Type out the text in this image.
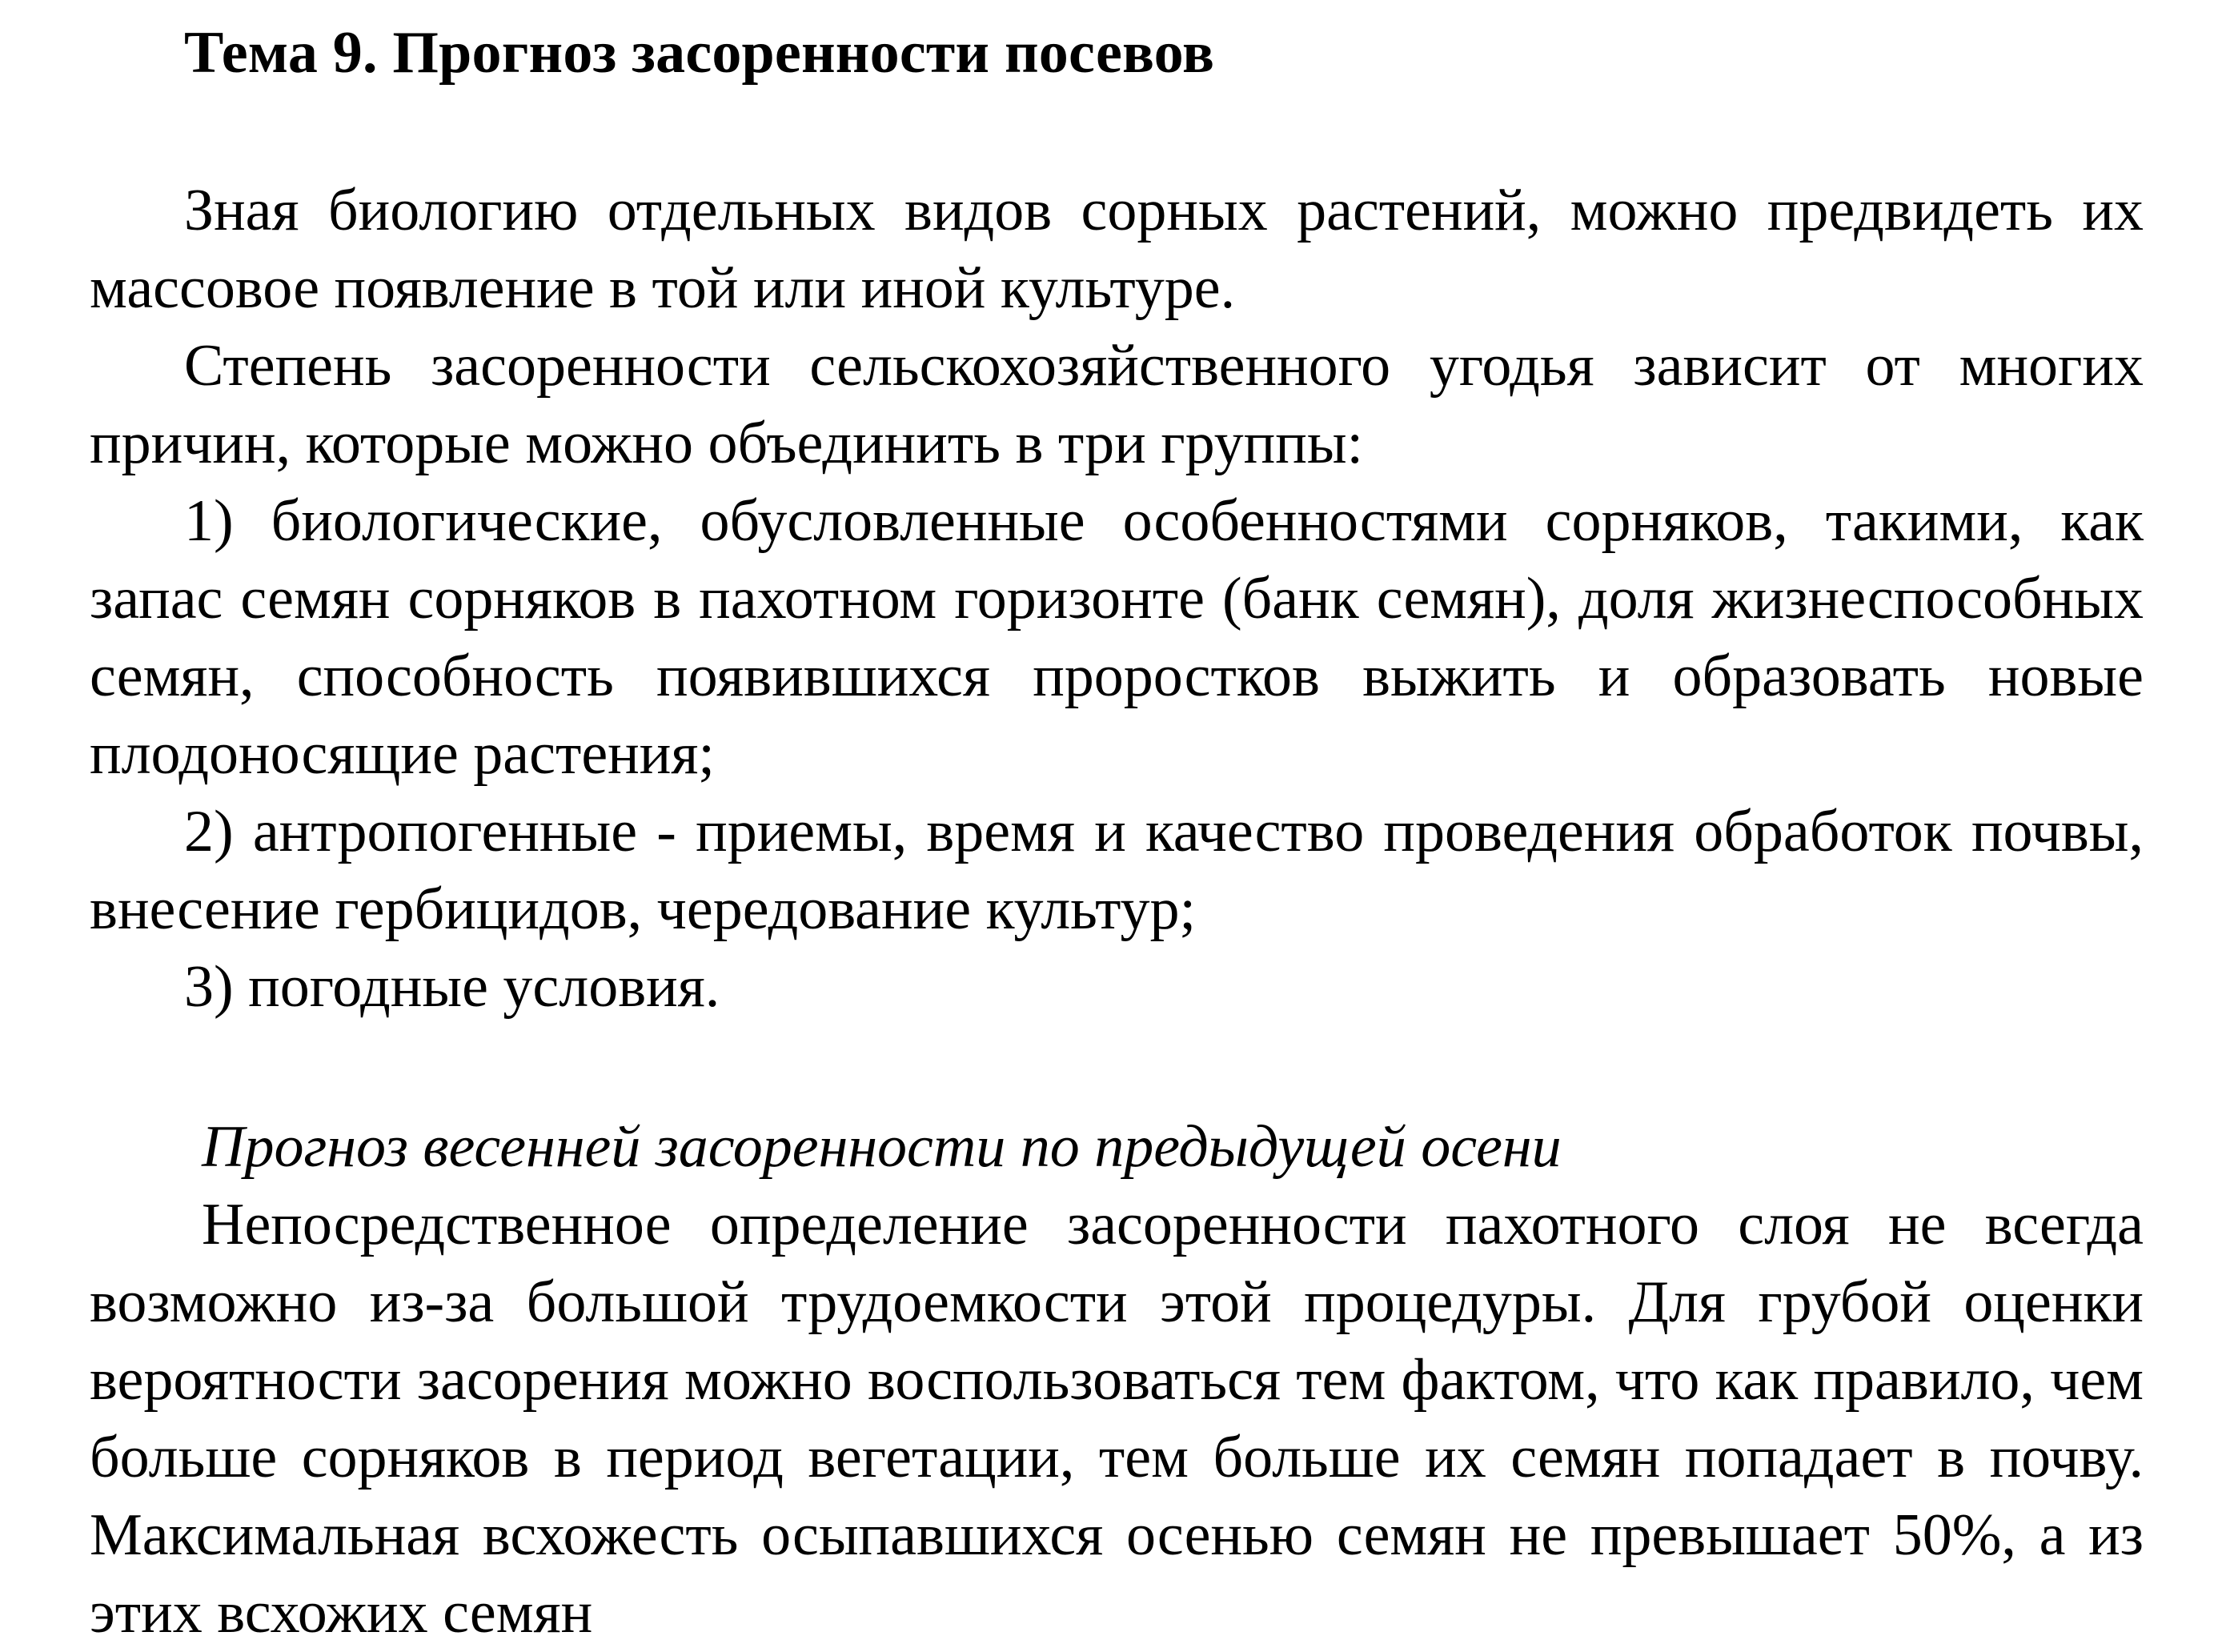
Тема 9. Прогноз засоренности посевов

Зная биологию отдельных видов сорных растений, можно предвидеть их массовое появление в той или иной культуре.

Степень засоренности сельскохозяйственного угодья зависит от многих причин, которые можно объединить в три группы:

1) биологические, обусловленные особенностями сорняков, такими, как запас семян сорняков в пахотном горизонте (банк семян), доля жизнеспособных семян, способность появившихся проростков выжить и образовать новые плодоносящие растения;

2) антропогенные - приемы, время и качество проведения обработок почвы, внесение гербицидов, чередование культур;

3) погодные условия.

Прогноз весенней засоренности по предыдущей осени

Непосредственное определение засоренности пахотного слоя не всегда возможно из-за большой трудоемкости этой процедуры. Для грубой оценки вероятности засорения можно воспользоваться тем фактом, что как правило, чем больше сорняков в период вегетации, тем больше их семян попадает в почву. Максимальная всхожесть осыпавшихся осенью семян не превышает 50%, а из этих всхожих семян
